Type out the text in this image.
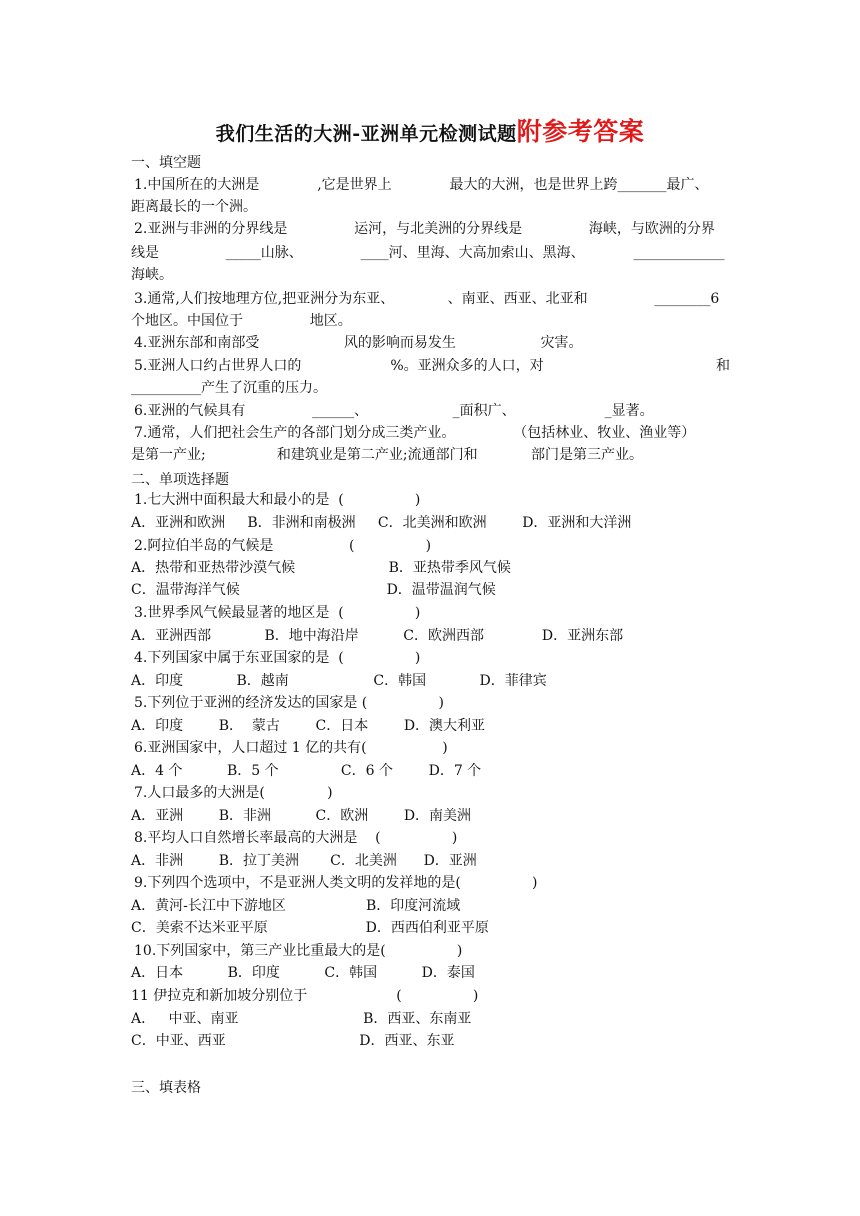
我们生活的大洲-亚洲单元检测试题附参考答案
一、填空题
1.中国所在的大洲是             ,它是世界上             最大的大洲，也是世界上跨_______最广、
距离最长的一个洲。
2.亚洲与非洲的分界线是               运河，与北美洲的分界线是               海峡，与欧洲的分界
线是               _____山脉、             ____河、里海、大高加索山、黑海、           _____________
海峡。
3.通常,人们按地理方位,把亚洲分为东亚、            、南亚、西亚、北亚和               ________6
个地区。中国位于               地区。
4.亚洲东部和南部受                   风的影响而易发生                   灾害。
5.亚洲人口约占世界人口的                    %。亚洲众多的人口，对	和
__________产生了沉重的压力。
6.亚洲的气候具有               ______、                   _面积广、                    _显著。
7.通常，人们把社会生产的各部门划分成三类产业。             （包括林业、牧业、渔业等）
是第一产业;                和建筑业是第二产业;流通部门和            部门是第三产业。
二、单项选择题
1.七大洲中面积最大和最小的是  (                )
A．亚洲和欧洲     B．非洲和南极洲     C．北美洲和欧洲        D．亚洲和大洋洲
2.阿拉伯半岛的气候是                 (                )
A．热带和亚热带沙漠气候                     B．亚热带季风气候
C．温带海洋气候                                 D．温带温润气候
3.世界季风气候最显著的地区是  (                )
A．亚洲西部            B．地中海沿岸          C．欧洲西部             D．亚洲东部
4.下列国家中属于东亚国家的是  (                )
A．印度            B．越南                   C．韩国            D．菲律宾
5.下列位于亚洲的经济发达的国家是 (                )
A．印度        B．  蒙古        C．日本        D．澳大利亚
6.亚洲国家中，人口超过 1 亿的共有(                 )
A．4 个          B．5 个              C．6 个        D．7 个
7.人口最多的大洲是(              )
A．亚洲        B．非洲          C．欧洲        D．南美洲
8.平均人口自然增长率最高的大洲是    (                )
A．非洲        B．拉丁美洲       C．北美洲      D．亚洲
9.下列四个选项中，不是亚洲人类文明的发祥地的是(                )
A．黄河-长江中下游地区                  B．印度河流域
C．美索不达米亚平原                      D．西西伯利亚平原
10.下列国家中，第三产业比重最大的是(                )
A．日本          B．印度          C．韩国          D．泰国
11 伊拉克和新加坡分别位于                    (                )
A．   中亚、南亚                            B．西亚、东南亚
C．中亚、西亚                              D．西亚、东亚
三、填表格
